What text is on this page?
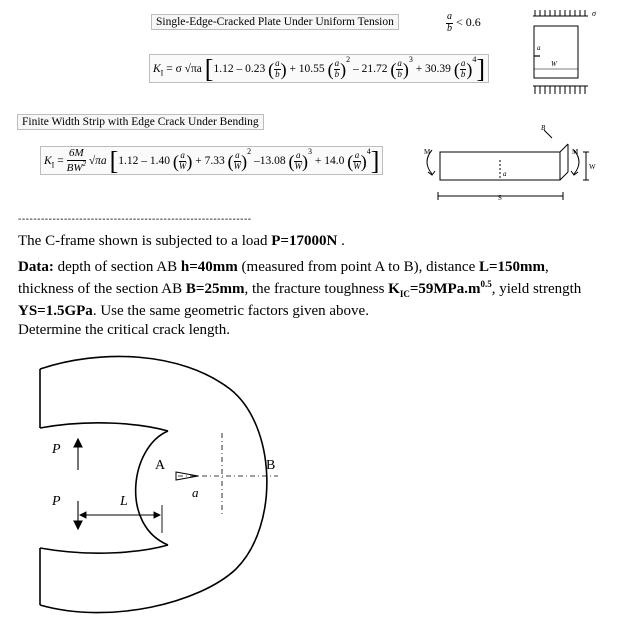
Single-Edge-Cracked Plate Under Uniform Tension	$\frac{a}{b} < 0.6$
$K_I = \sigma$ √πa [1.12 – 0.23 ( $\frac{a}{b}$ ) + 10.55 ( $\frac{a}{b} )^2 - 21.72$ ( $\frac{a}{b} )^3 + 30.39$ ( $\frac{a}{b} )^4$]
σ
a
W
Finite Width Strip with Edge Crack Under Bending
$K_I = \frac{6M}{BW^2} √\pi a$ [1.12 – 1.40 ( $\frac{a}{W}$ ) + 7.33 ( $\frac{a}{W} )^2$ –13.08 ( $\frac{a}{W} )^3 + 14.0$ ( $\frac{a}{W} )^4$]	M	M
a
S
W
B
-------------------------------------------------------------
The C-frame shown is subjected to a load P=17000N .
Data: depth of section AB h=40mm (measured from point A to B), distance L=150mm, thickness of the section AB B=25mm, the fracture toughness $K_{IC}=59MPa.m^{0.5}$, yield strength YS=1.5GPa. Use the same geometric factors given above.
Determine the critical crack length.
P
P
A	B
a
L
